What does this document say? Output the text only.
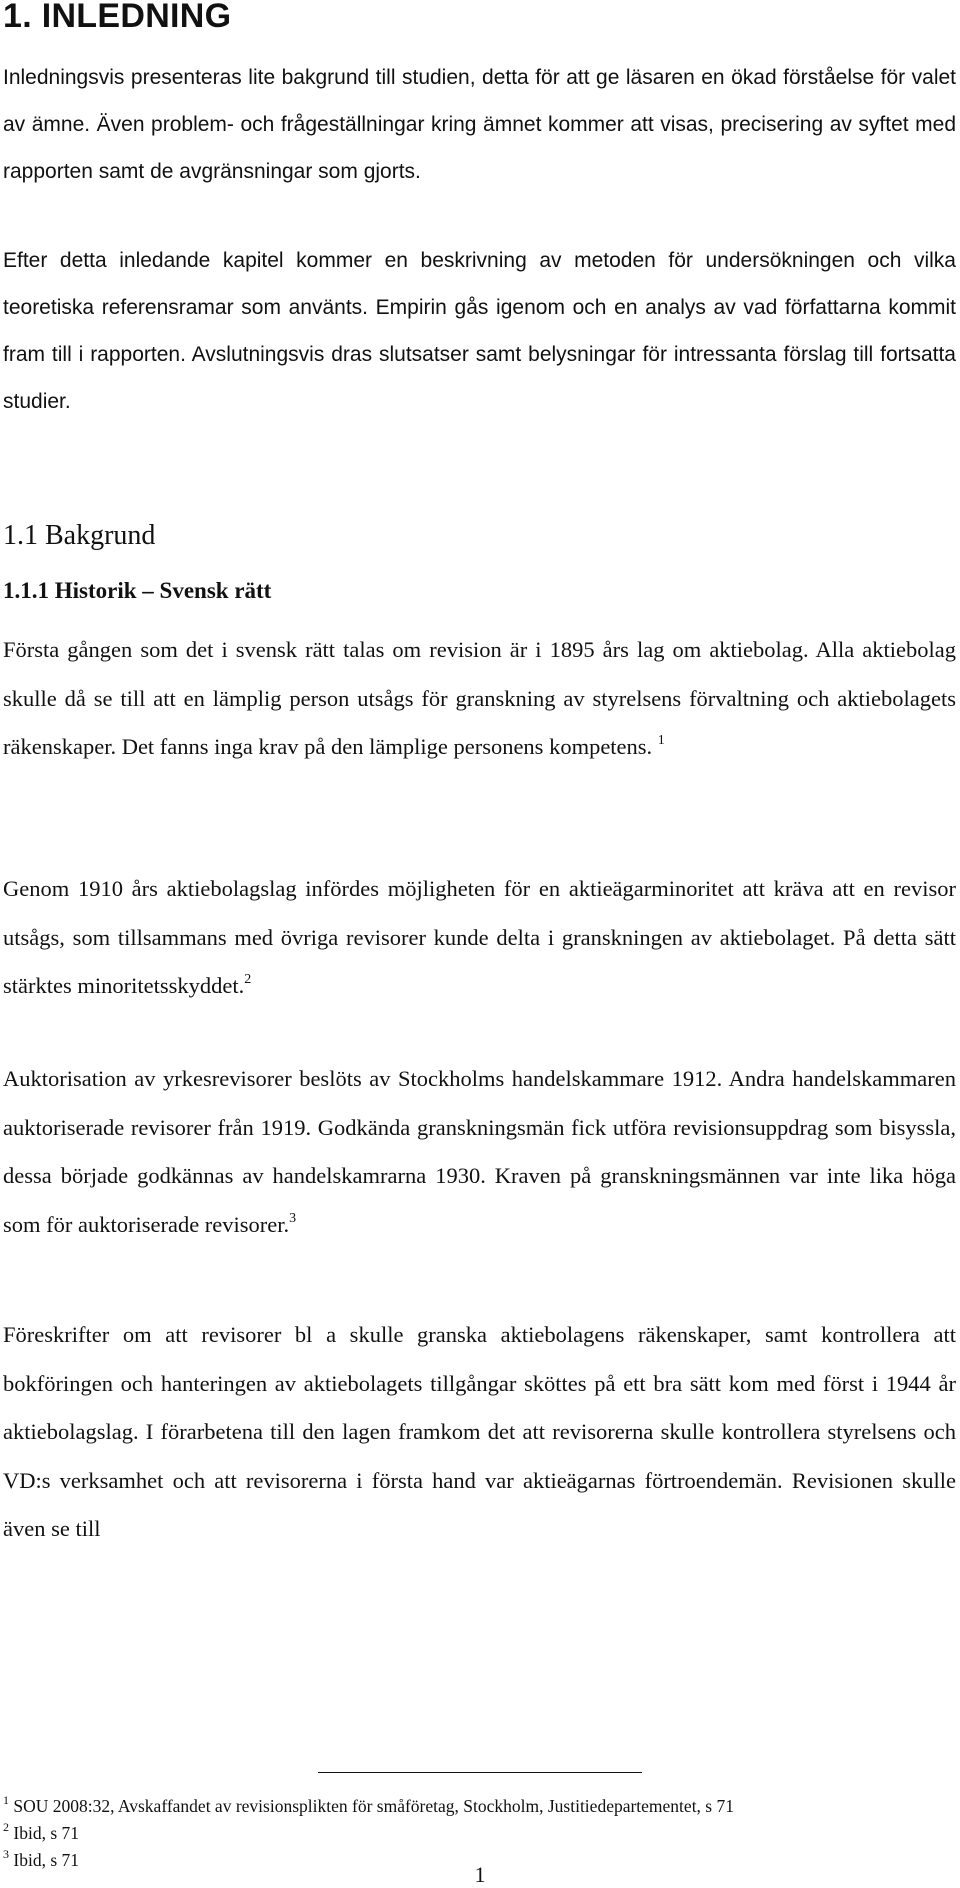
1. INLEDNING
Inledningsvis presenteras lite bakgrund till studien, detta för att ge läsaren en ökad förståelse för valet av ämne. Även problem- och frågeställningar kring ämnet kommer att visas, precisering av syftet med rapporten samt de avgränsningar som gjorts.
Efter detta inledande kapitel kommer en beskrivning av metoden för undersökningen och vilka teoretiska referensramar som använts. Empirin gås igenom och en analys av vad författarna kommit fram till i rapporten. Avslutningsvis dras slutsatser samt belysningar för intressanta förslag till fortsatta studier.
1.1 Bakgrund
1.1.1 Historik – Svensk rätt
Första gången som det i svensk rätt talas om revision är i 1895 års lag om aktiebolag. Alla aktiebolag skulle då se till att en lämplig person utsågs för granskning av styrelsens förvaltning och aktiebolagets räkenskaper. Det fanns inga krav på den lämplige personens kompetens. $^1$
Genom 1910 års aktiebolagslag infördes möjligheten för en aktieägarminoritet att kräva att en revisor utsågs, som tillsammans med övriga revisorer kunde delta i granskningen av aktiebolaget. På detta sätt stärktes minoritetsskyddet.$^2$
Auktorisation av yrkesrevisorer beslöts av Stockholms handelskammare 1912. Andra handelskammaren auktoriserade revisorer från 1919. Godkända granskningsmän fick utföra revisionsuppdrag som bisyssla, dessa började godkännas av handelskamrarna 1930. Kraven på granskningsmännen var inte lika höga som för auktoriserade revisorer.$^3$
Föreskrifter om att revisorer bl a skulle granska aktiebolagens räkenskaper, samt kontrollera att bokföringen och hanteringen av aktiebolagets tillgångar sköttes på ett bra sätt kom med först i 1944 år aktiebolagslag. I förarbetena till den lagen framkom det att revisorerna skulle kontrollera styrelsens och VD:s verksamhet och att revisorerna i första hand var aktieägarnas förtroendemän. Revisionen skulle även se till
$^1$ SOU 2008:32, Avskaffandet av revisionsplikten för småföretag, Stockholm, Justitiedepartementet, s 71
$^2$ Ibid, s 71
$^3$ Ibid, s 71
1
